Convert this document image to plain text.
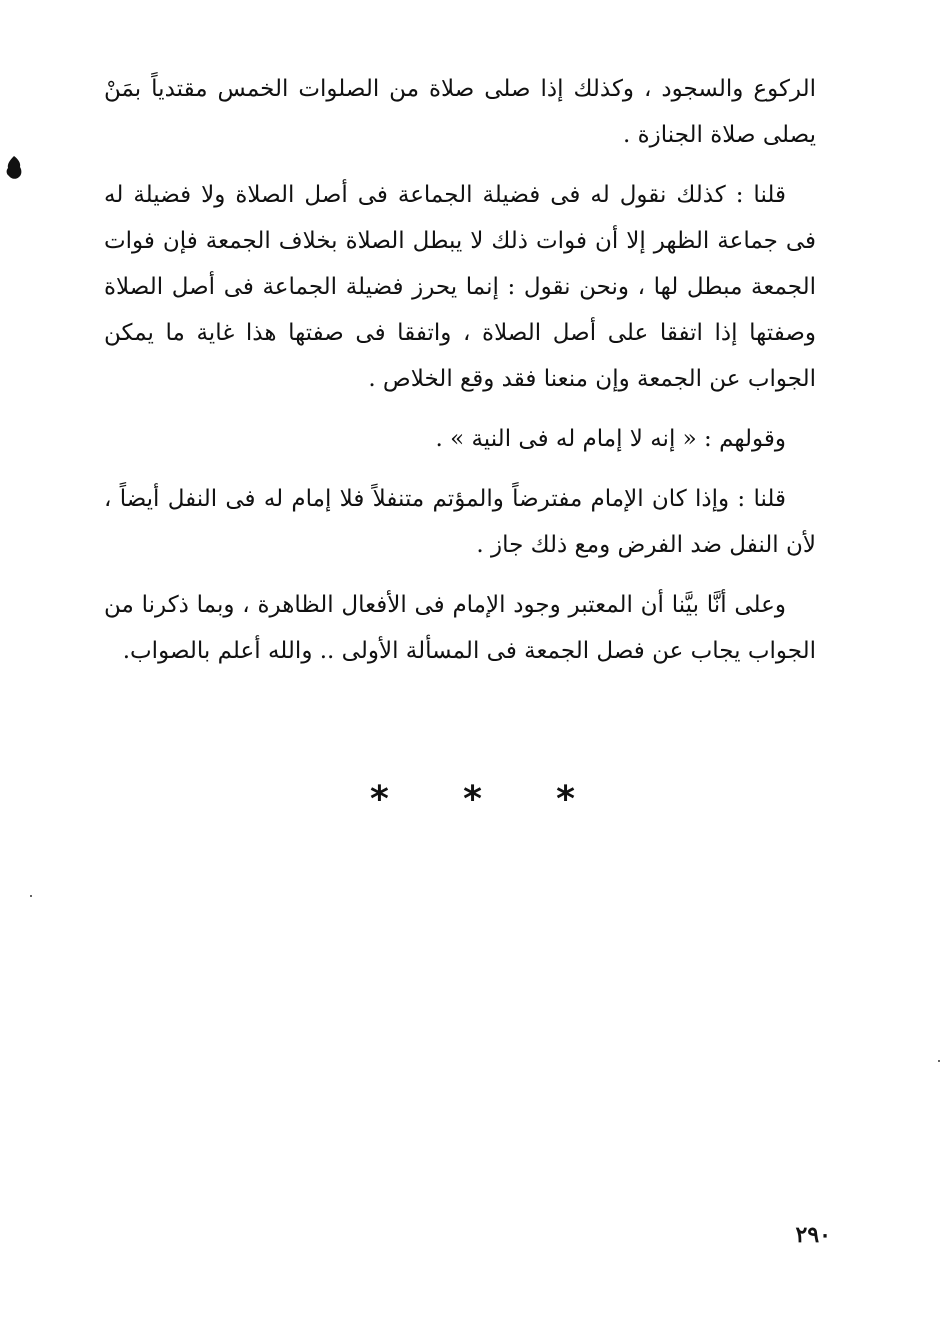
الركوع والسجود ، وكذلك إذا صلى صلاة من الصلوات الخمس مقتدياً بمَنْ يصلى صلاة الجنازة .

قلنا : كذلك نقول له فى فضيلة الجماعة فى أصل الصلاة ولا فضيلة له فى جماعة الظهر إلا أن فوات ذلك لا يبطل الصلاة بخلاف الجمعة فإن فوات الجمعة مبطل لها ، ونحن نقول : إنما يحرز فضيلة الجماعة فى أصل الصلاة وصفتها إذا اتفقا على أصل الصلاة ، واتفقا فى صفتها هذا غاية ما يمكن الجواب عن الجمعة وإن منعنا فقد وقع الخلاص .

وقولهم : « إنه لا إمام له فى النية » .

قلنا : وإذا كان الإمام مفترضاً والمؤتم متنفلاً فلا إمام له فى النفل أيضاً ، لأن النفل ضد الفرض ومع ذلك جاز .

وعلى أنَّا بيَّنا أن المعتبر وجود الإمام فى الأفعال الظاهرة ، وبما ذكرنا من الجواب يجاب عن فصل الجمعة فى المسألة الأولى .. والله أعلم بالصواب.

* * *
٢٩٠
